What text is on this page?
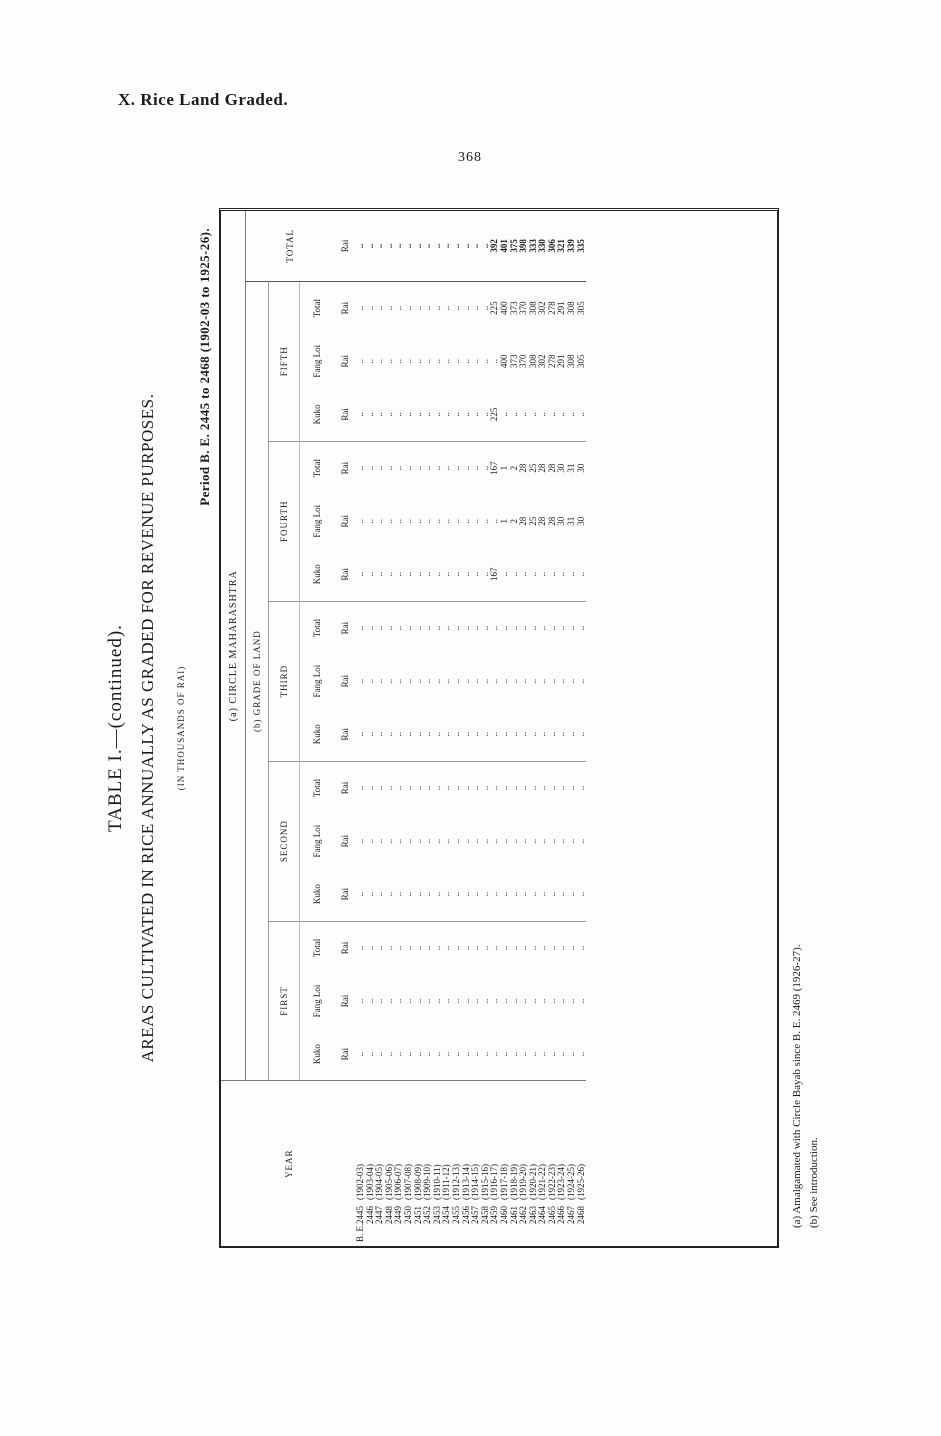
X. Rice Land Graded.
368
TABLE I.—(continued). AREAS CULTIVATED IN RICE ANNUALLY AS GRADED FOR REVENUE PURPOSES. (IN THOUSANDS OF RAI)
Period B. E. 2445 to 2468 (1902-03 to 1925-26).
YEAR	(a) CIRCLE MAHARASHTRA															
	(b) GRADE OF LAND															TOTAL
	FIRST			SECOND			THIRD			FOURTH			FIFTH			
	Kuko	Fang Loi	Total	Kuko	Fang Loi	Total	Kuko	Fang Loi	Total	Kuko	Fang Loi	Total	Kuko	Fang Loi	Total	
	Rai	Rai	Rai	Rai	Rai	Rai	Rai	Rai	Rai	Rai	Rai	Rai	Rai	Rai	Rai	Rai
B. E.2445(1902-03)	..	..	..	..	..	..	..	..	..	..	..	..	..	..	..	..
2446(1903-04)	..	..	..	..	..	..	..	..	..	..	..	..	..	..	..	..
2447(1904-05)	..	..	..	..	..	..	..	..	..	..	..	..	..	..	..	..
2448(1905-06)	..	..	..	..	..	..	..	..	..	..	..	..	..	..	..	..
2449(1906-07)	..	..	..	..	..	..	..	..	..	..	..	..	..	..	..	..
2450(1907-08)	..	..	..	..	..	..	..	..	..	..	..	..	..	..	..	..
2451(1908-09)	..	..	..	..	..	..	..	..	..	..	..	..	..	..	..	..
2452(1909-10)	..	..	..	..	..	..	..	..	..	..	..	..	..	..	..	..
2453(1910-11)	..	..	..	..	..	..	..	..	..	..	..	..	..	..	..	..
2454(1911-12)	..	..	..	..	..	..	..	..	..	..	..	..	..	..	..	..
2455(1912-13)	..	..	..	..	..	..	..	..	..	..	..	..	..	..	..	..
2456(1913-14)	..	..	..	..	..	..	..	..	..	..	..	..	..	..	..	..
2457(1914-15)	..	..	..	..	..	..	..	..	..	..	..	..	..	..	..	..
2458(1915-16)	..	..	..	..	..	..	..	..	..	..	..	..	..	..	..	..
2459(1916-17)	..	..	..	..	..	..	..	..	..	167	..	167	225	..	225	392
2460(1917-18)	..	..	..	..	..	..	..	..	..	..	1	1	..	400	400	401
2461(1918-19)	..	..	..	..	..	..	..	..	..	..	2	2	..	373	373	375
2462(1919-20)	..	..	..	..	..	..	..	..	..	..	28	28	..	370	370	398
2463(1920-21)	..	..	..	..	..	..	..	..	..	..	25	25	..	308	308	333
2464(1921-22)	..	..	..	..	..	..	..	..	..	..	28	28	..	302	302	330
2465(1922-23)	..	..	..	..	..	..	..	..	..	..	28	28	..	278	278	306
2466(1923-24)	..	..	..	..	..	..	..	..	..	..	30	30	..	291	291	321
2467(1924-25)	..	..	..	..	..	..	..	..	..	..	31	31	..	308	308	339
2468(1925-26)	..	..	..	..	..	..	..	..	..	..	30	30	..	305	305	335
(a) Amalgamated with Circle Bayab since B. E. 2469 (1926-27). (b) See introduction.
